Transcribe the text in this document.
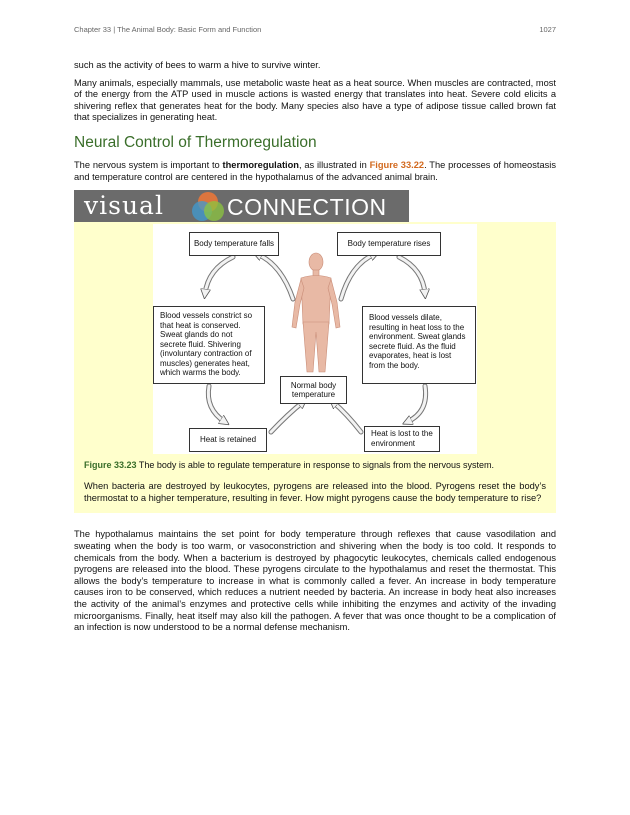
Chapter 33 | The Animal Body: Basic Form and Function	1027

such as the activity of bees to warm a hive to survive winter.

Many animals, especially mammals, use metabolic waste heat as a heat source. When muscles are contracted, most of the energy from the ATP used in muscle actions is wasted energy that translates into heat. Severe cold elicits a shivering reflex that generates heat for the body. Many species also have a type of adipose tissue called brown fat that specializes in generating heat.

Neural Control of Thermoregulation

The nervous system is important to thermoregulation, as illustrated in Figure 33.22. The processes of homeostasis and temperature control are centered in the hypothalamus of the advanced animal brain.

visual	CONNECTION
Body temperature falls	Body temperature rises
Blood vessels constrict so that heat is conserved. Sweat glands do not secrete fluid. Shivering (involuntary contraction of muscles) generates heat, which warms the body.
Blood vessels dilate, resulting in heat loss to the environment. Sweat glands secrete fluid. As the fluid evaporates, heat is lost from the body.
Normal body temperature
Heat is retained
Heat is lost to the environment
Figure 33.23 The body is able to regulate temperature in response to signals from the nervous system.
When bacteria are destroyed by leukocytes, pyrogens are released into the blood. Pyrogens reset the body’s thermostat to a higher temperature, resulting in fever. How might pyrogens cause the body temperature to rise?

The hypothalamus maintains the set point for body temperature through reflexes that cause vasodilation and sweating when the body is too warm, or vasoconstriction and shivering when the body is too cold. It responds to chemicals from the body. When a bacterium is destroyed by phagocytic leukocytes, chemicals called endogenous pyrogens are released into the blood. These pyrogens circulate to the hypothalamus and reset the thermostat. This allows the body’s temperature to increase in what is commonly called a fever. An increase in body temperature causes iron to be conserved, which reduces a nutrient needed by bacteria. An increase in body heat also increases the activity of the animal’s enzymes and protective cells while inhibiting the enzymes and activity of the invading microorganisms. Finally, heat itself may also kill the pathogen. A fever that was once thought to be a complication of an infection is now understood to be a normal defense mechanism.
